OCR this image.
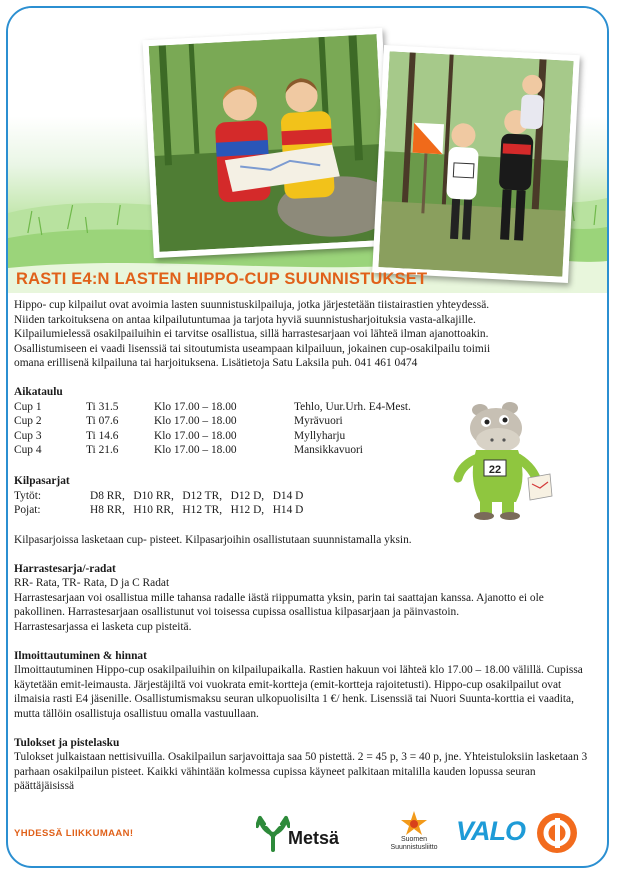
RASTI E4:N LASTEN HIPPO-CUP SUUNNISTUKSET

Hippo- cup kilpailut ovat avoimia lasten suunnistuskilpailuja, jotka järjestetään tiistairastien yhteydessä.

Niiden tarkoituksena on antaa kilpailutuntumaa ja tarjota hyviä suunnistusharjoituksia vasta-alkajille.

Kilpailumielessä osakilpailuihin ei tarvitse osallistua, sillä harrastesarjaan voi lähteä ilman ajanottoakin.

Osallistumiseen ei vaadi lisenssiä tai sitoutumista useampaan kilpailuun, jokainen cup-osakilpailu toimii

omana erillisenä kilpailuna tai harjoituksena. Lisätietoja Satu Laksila puh. 041 461 0474

Aikataulu
Cup 1	Ti 31.5	Klo 17.00 – 18.00	Tehlo, Uur.Urh. E4-Mest.
Cup 2	Ti 07.6	Klo 17.00 – 18.00	Myrävuori
Cup 3	Ti 14.6	Klo 17.00 – 18.00	Myllyharju
Cup 4	Ti 21.6	Klo 17.00 – 18.00	Mansikkavuori
Kilpasarjat
Tytöt:	D8 RR,   D10 RR,   D12 TR,   D12 D,   D14 D
Pojat:	H8 RR,   H10 RR,   H12 TR,   H12 D,   H14 D

Kilpasarjoissa lasketaan cup- pisteet. Kilpasarjoihin osallistutaan suunnistamalla yksin.

Harrastesarja/-radat

RR- Rata, TR- Rata, D ja C Radat

Harrastesarjaan voi osallistua mille tahansa radalle iästä riippumatta yksin, parin tai saattajan kanssa. Ajanotto ei ole pakollinen. Harrastesarjaan osallistunut voi toisessa cupissa osallistua kilpasarjaan ja päinvastoin.

Harrastesarjassa ei lasketa cup pisteitä.

Ilmoittautuminen & hinnat

Ilmoittautuminen Hippo-cup osakilpailuihin on kilpailupaikalla. Rastien hakuun voi lähteä klo 17.00 – 18.00 välillä. Cupissa käytetään emit-leimausta. Järjestäjiltä voi vuokrata emit-kortteja (emit-kortteja rajoitetusti). Hippo-cup osakilpailut ovat ilmaisia rasti E4 jäsenille. Osallistumismaksu seuran ulkopuolisilta 1 €/ henk. Lisenssiä tai Nuori Suunta-korttia ei vaadita, mutta tällöin osallistuja osallistuu omalla vastuullaan.

Tulokset ja pistelasku

Tulokset julkaistaan nettisivuilla. Osakilpailun sarjavoittaja saa 50 pistettä. 2 = 45 p, 3 = 40 p, jne. Yhteistuloksiin lasketaan 3 parhaan osakilpailun pisteet. Kaikki vähintään kolmessa cupissa käyneet palkitaan mitalilla kauden lopussa seuran päättäjäisissä

22
YHDESSÄ LIIKKUMAAN!	Metsä	Suomen
Suunnistusliitto
VALO
